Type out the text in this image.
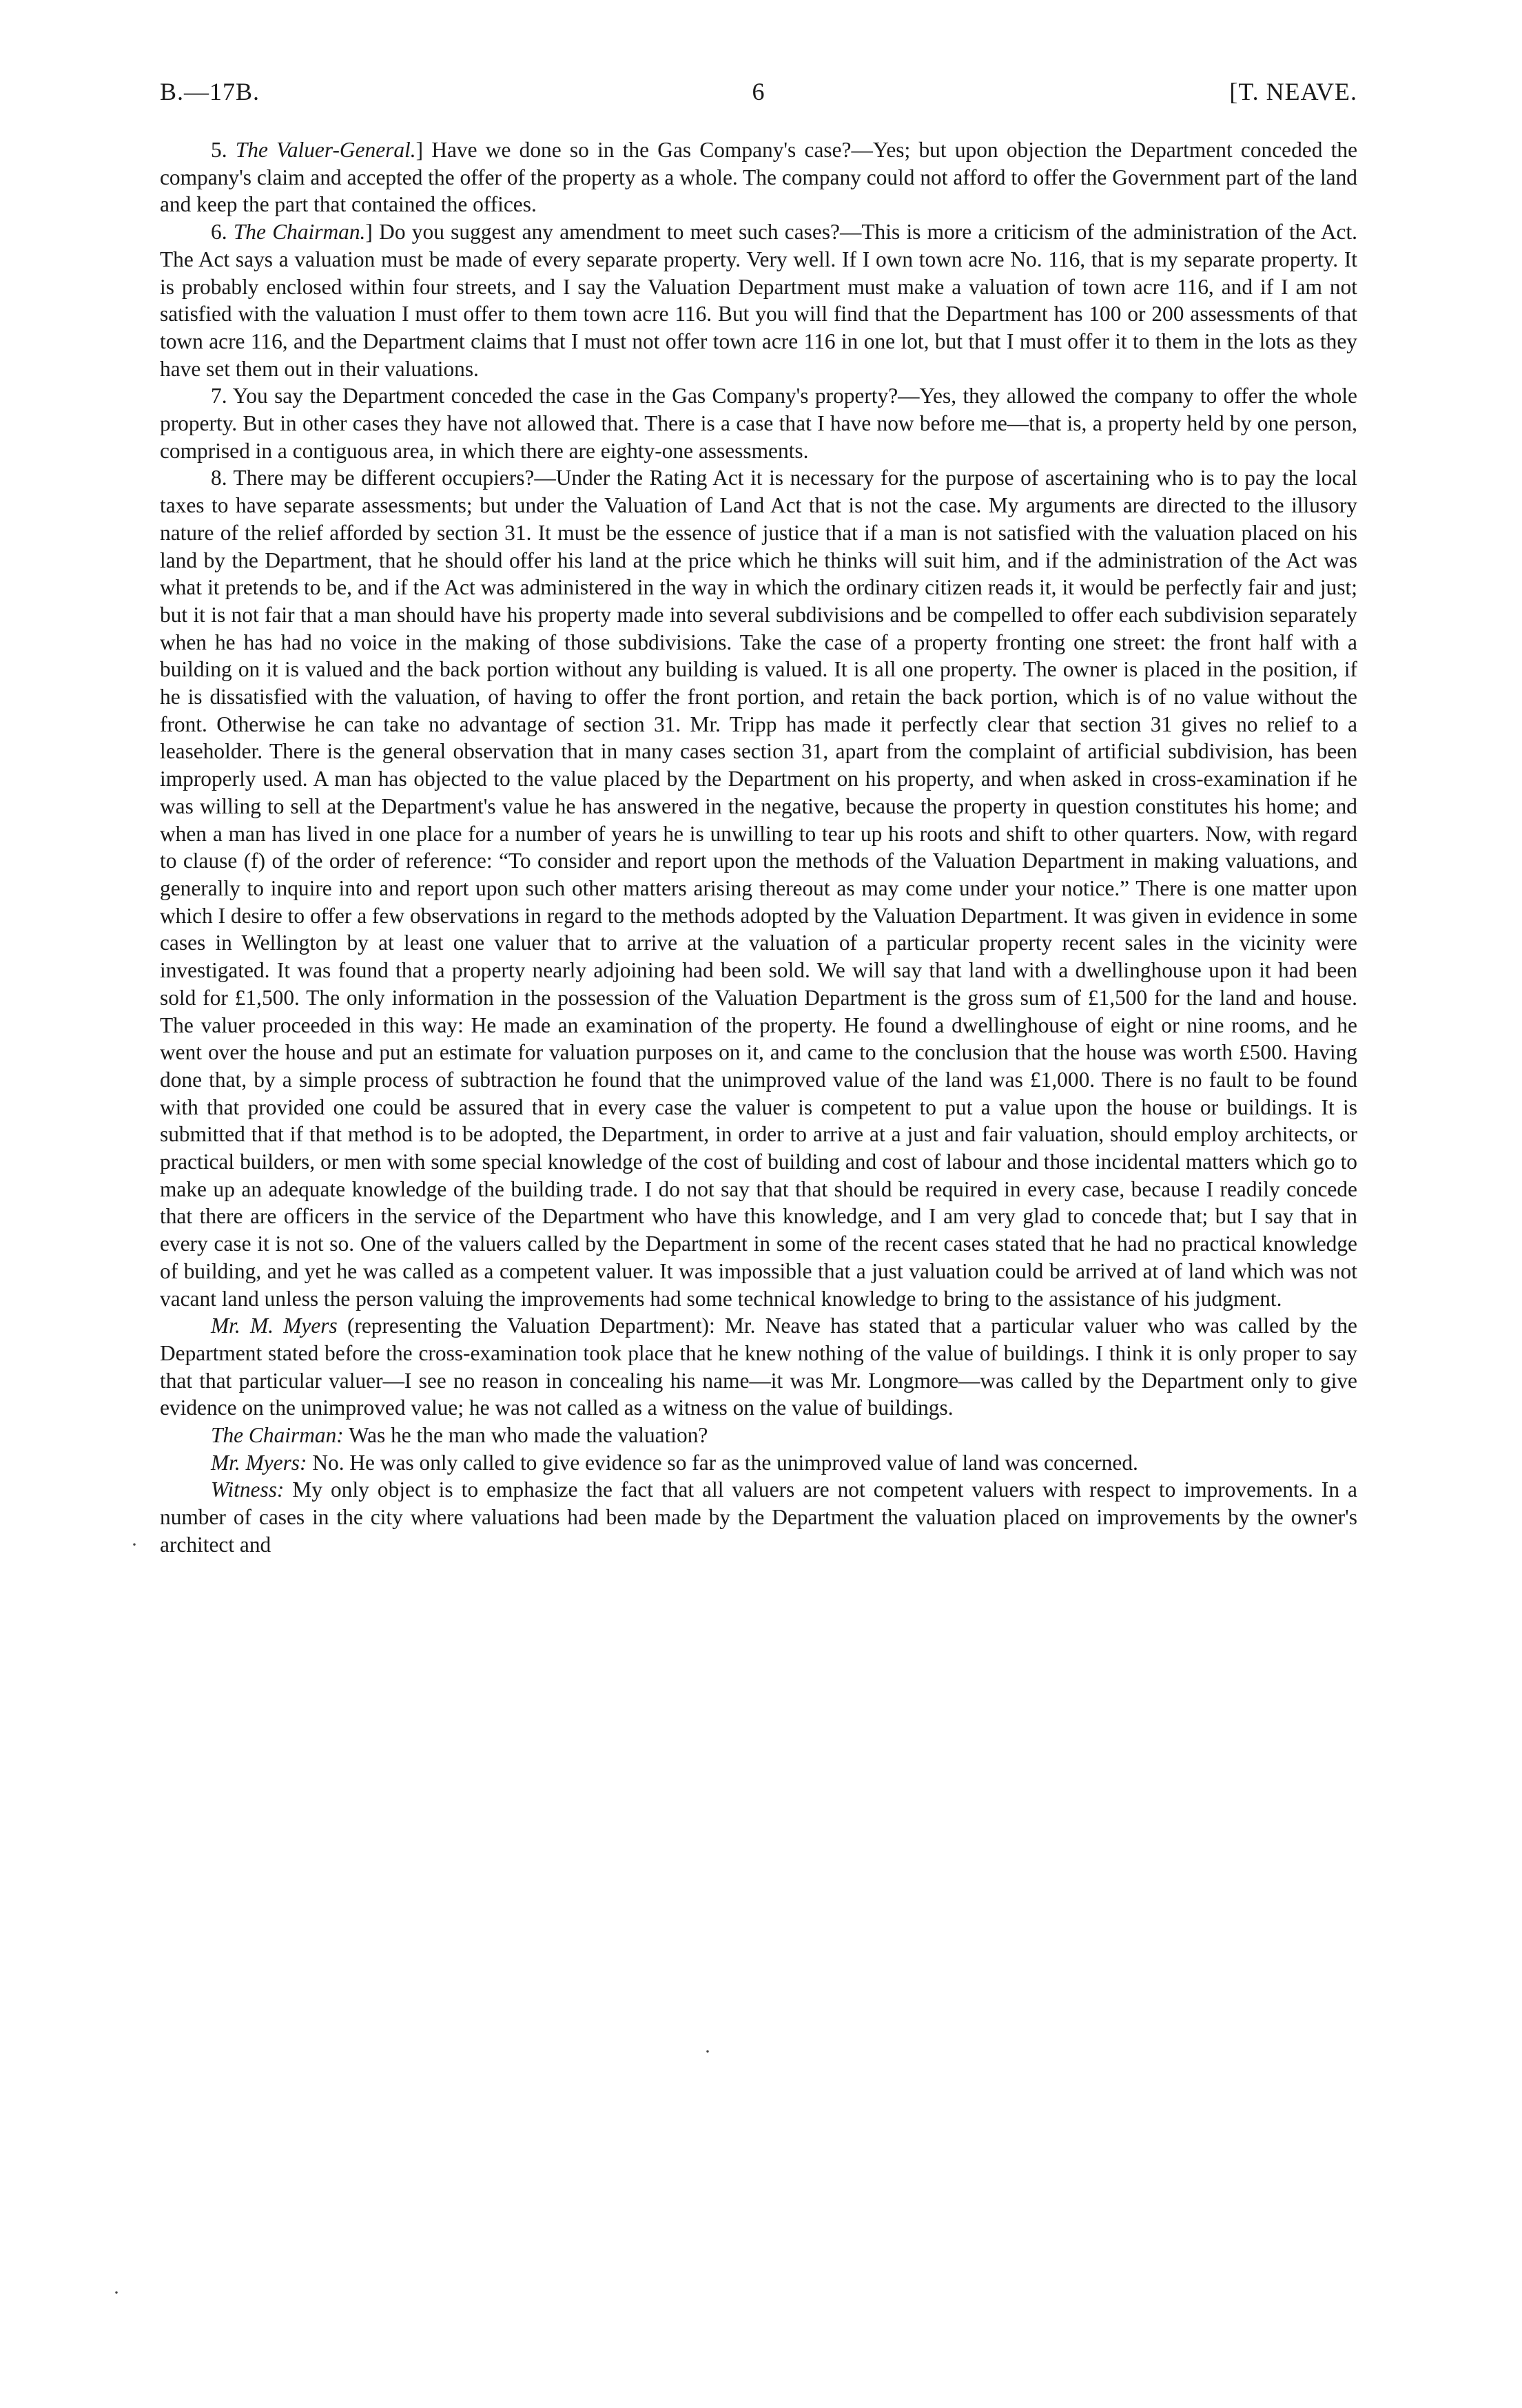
B.—17B.	6	[T. NEAVE.

5. The Valuer-General.] Have we done so in the Gas Company's case?—Yes; but upon objection the Department conceded the company's claim and accepted the offer of the property as a whole. The company could not afford to offer the Government part of the land and keep the part that contained the offices.

6. The Chairman.] Do you suggest any amendment to meet such cases?—This is more a criticism of the administration of the Act. The Act says a valuation must be made of every separate property. Very well. If I own town acre No. 116, that is my separate property. It is probably enclosed within four streets, and I say the Valuation Department must make a valuation of town acre 116, and if I am not satisfied with the valuation I must offer to them town acre 116. But you will find that the Department has 100 or 200 assessments of that town acre 116, and the Department claims that I must not offer town acre 116 in one lot, but that I must offer it to them in the lots as they have set them out in their valuations.

7. You say the Department conceded the case in the Gas Company's property?—Yes, they allowed the company to offer the whole property. But in other cases they have not allowed that. There is a case that I have now before me—that is, a property held by one person, comprised in a contiguous area, in which there are eighty-one assessments.

8. There may be different occupiers?—Under the Rating Act it is necessary for the purpose of ascertaining who is to pay the local taxes to have separate assessments; but under the Valuation of Land Act that is not the case. My arguments are directed to the illusory nature of the relief afforded by section 31. It must be the essence of justice that if a man is not satisfied with the valuation placed on his land by the Department, that he should offer his land at the price which he thinks will suit him, and if the administration of the Act was what it pretends to be, and if the Act was administered in the way in which the ordinary citizen reads it, it would be perfectly fair and just; but it is not fair that a man should have his property made into several subdivisions and be compelled to offer each subdivision separately when he has had no voice in the making of those subdivisions. Take the case of a property fronting one street: the front half with a building on it is valued and the back portion without any building is valued. It is all one property. The owner is placed in the position, if he is dissatisfied with the valuation, of having to offer the front portion, and retain the back portion, which is of no value without the front. Otherwise he can take no advantage of section 31. Mr. Tripp has made it perfectly clear that section 31 gives no relief to a leaseholder. There is the general observation that in many cases section 31, apart from the complaint of artificial subdivision, has been improperly used. A man has objected to the value placed by the Department on his property, and when asked in cross-examination if he was willing to sell at the Department's value he has answered in the negative, because the property in question constitutes his home; and when a man has lived in one place for a number of years he is unwilling to tear up his roots and shift to other quarters. Now, with regard to clause (f) of the order of reference: “To consider and report upon the methods of the Valuation Department in making valuations, and generally to inquire into and report upon such other matters arising thereout as may come under your notice.” There is one matter upon which I desire to offer a few observations in regard to the methods adopted by the Valuation Department. It was given in evidence in some cases in Wellington by at least one valuer that to arrive at the valuation of a particular property recent sales in the vicinity were investigated. It was found that a property nearly adjoining had been sold. We will say that land with a dwellinghouse upon it had been sold for £1,500. The only information in the possession of the Valuation Department is the gross sum of £1,500 for the land and house. The valuer proceeded in this way: He made an examination of the property. He found a dwellinghouse of eight or nine rooms, and he went over the house and put an estimate for valuation purposes on it, and came to the conclusion that the house was worth £500. Having done that, by a simple process of subtraction he found that the unimproved value of the land was £1,000. There is no fault to be found with that provided one could be assured that in every case the valuer is competent to put a value upon the house or buildings. It is submitted that if that method is to be adopted, the Department, in order to arrive at a just and fair valuation, should employ architects, or practical builders, or men with some special knowledge of the cost of building and cost of labour and those incidental matters which go to make up an adequate knowledge of the building trade. I do not say that that should be required in every case, because I readily concede that there are officers in the service of the Department who have this knowledge, and I am very glad to concede that; but I say that in every case it is not so. One of the valuers called by the Department in some of the recent cases stated that he had no practical knowledge of building, and yet he was called as a competent valuer. It was impossible that a just valuation could be arrived at of land which was not vacant land unless the person valuing the improvements had some technical knowledge to bring to the assistance of his judgment.

Mr. M. Myers (representing the Valuation Department): Mr. Neave has stated that a particular valuer who was called by the Department stated before the cross-examination took place that he knew nothing of the value of buildings. I think it is only proper to say that that particular valuer—I see no reason in concealing his name—it was Mr. Longmore—was called by the Department only to give evidence on the unimproved value; he was not called as a witness on the value of buildings.

The Chairman: Was he the man who made the valuation?

Mr. Myers: No. He was only called to give evidence so far as the unimproved value of land was concerned.

Witness: My only object is to emphasize the fact that all valuers are not competent valuers with respect to improvements. In a number of cases in the city where valuations had been made by the Department the valuation placed on improvements by the owner's architect and

·
·
·
